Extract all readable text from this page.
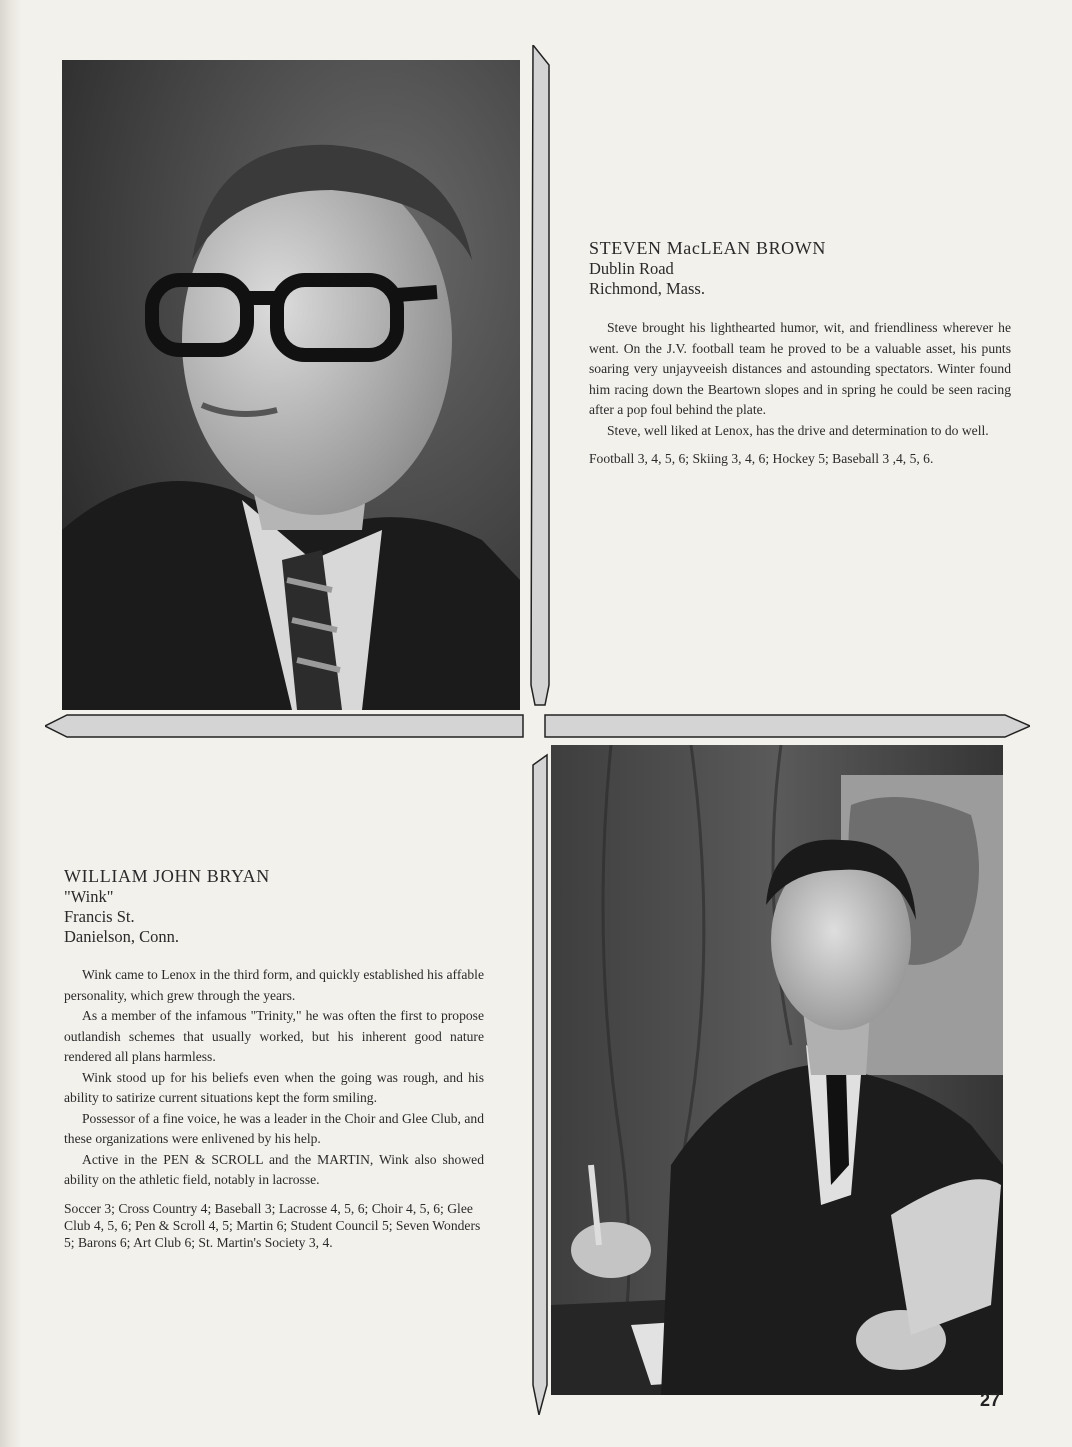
STEVEN MacLEAN BROWN
Dublin Road
Richmond, Mass.

Steve brought his lighthearted humor, wit, and friendliness wherever he went. On the J.V. football team he proved to be a valuable asset, his punts soaring very unjayveeish distances and astounding spectators. Winter found him racing down the Beartown slopes and in spring he could be seen racing after a pop foul behind the plate.

Steve, well liked at Lenox, has the drive and determination to do well.

Football 3, 4, 5, 6; Skiing 3, 4, 6; Hockey 5; Baseball 3 ,4, 5, 6.
WILLIAM JOHN BRYAN
"Wink"
Francis St.
Danielson, Conn.

Wink came to Lenox in the third form, and quickly established his affable personality, which grew through the years.

As a member of the infamous "Trinity," he was often the first to propose outlandish schemes that usually worked, but his inherent good nature rendered all plans harmless.

Wink stood up for his beliefs even when the going was rough, and his ability to satirize current situations kept the form smiling.

Possessor of a fine voice, he was a leader in the Choir and Glee Club, and these organizations were enlivened by his help.

Active in the PEN & SCROLL and the MARTIN, Wink also showed ability on the athletic field, notably in lacrosse.

Soccer 3; Cross Country 4; Baseball 3; Lacrosse 4, 5, 6; Choir 4, 5, 6; Glee Club 4, 5, 6; Pen & Scroll 4, 5; Martin 6; Student Council 5; Seven Wonders 5; Barons 6; Art Club 6; St. Martin's Society 3, 4.
27
